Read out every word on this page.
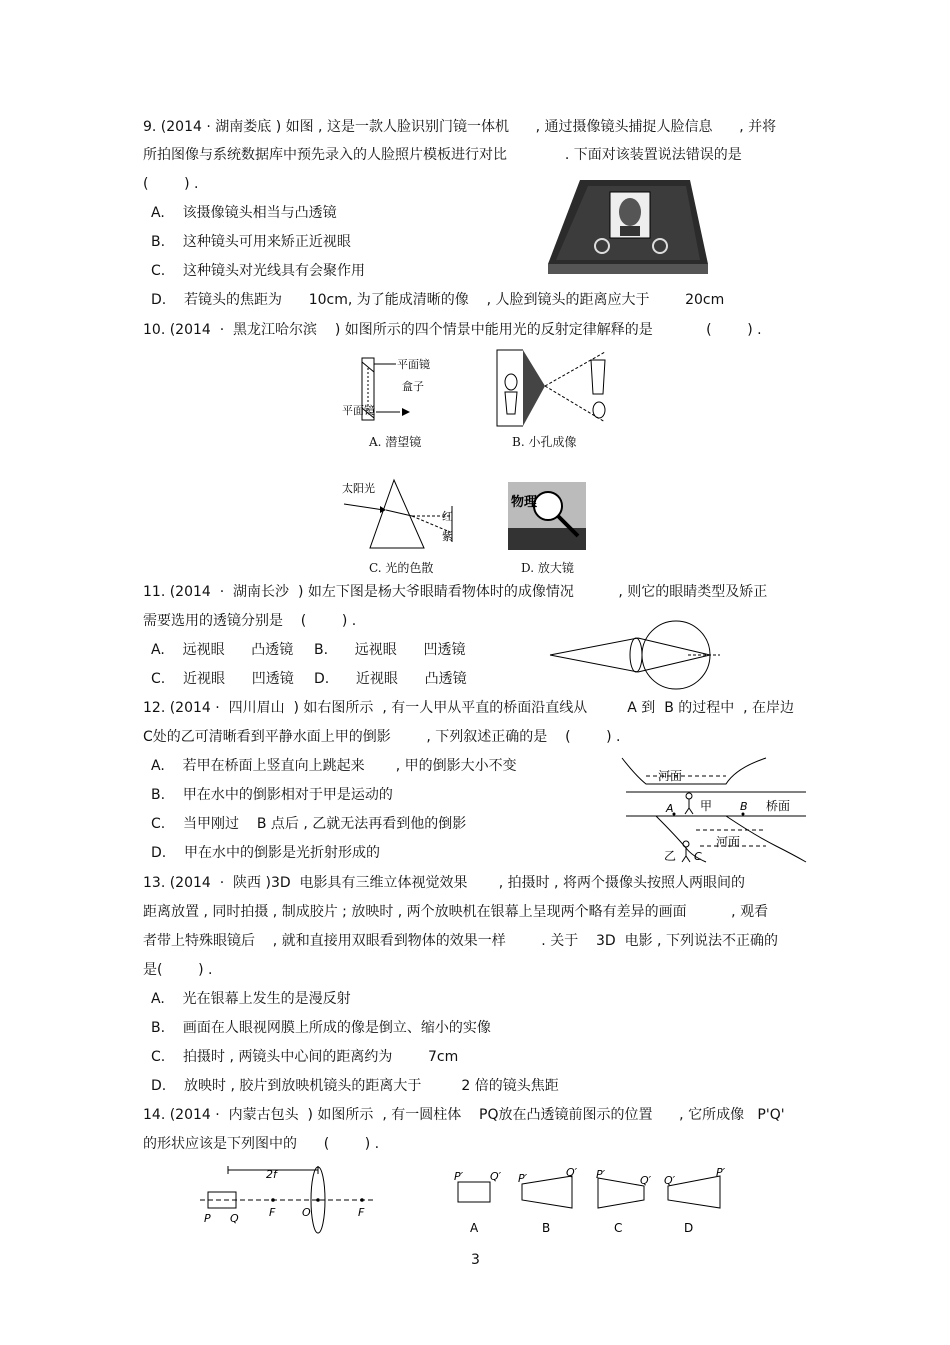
9. (2014 · 湖南娄底 ) 如图 , 这是一款人脸识别门镜一体机      , 通过摄像镜头捕捉人脸信息      , 并将
所拍图像与系统数据库中预先录入的人脸照片模板进行对比             . 下面对该装置说法错误的是
(        ) .
A.    该摄像镜头相当与凸透镜
B.    这种镜头可用来矫正近视眼
C.    这种镜头对光线具有会聚作用
D.    若镜头的焦距为      10cm, 为了能成清晰的像    , 人脸到镜头的距离应大于        20cm
10. (2014  ·  黑龙江哈尔滨    ) 如图所示的四个情景中能用光的反射定律解释的是            (        ) .
平面镜
盒子
平面镜
A. 潜望镜	B. 小孔成像
太阳光
红
紫
C. 光的色散
物理
D. 放大镜
11. (2014  ·  湖南长沙  ) 如左下图是杨大爷眼睛看物体时的成像情况          , 则它的眼睛类型及矫正
需要选用的透镜分别是    (        ) .
A.    远视眼      凸透镜 B.      远视眼      凹透镜
C.    近视眼      凹透镜 D.      近视眼      凸透镜
12. (2014 ·  四川眉山  ) 如右图所示  , 有一人甲从平直的桥面沿直线从         A 到  B 的过程中  , 在岸边
C处的乙可清晰看到平静水面上甲的倒影        , 下列叙述正确的是    (        ) .
A.    若甲在桥面上竖直向上跳起来       , 甲的倒影大小不变
B.    甲在水中的倒影相对于甲是运动的
C.    当甲刚过    B 点后 , 乙就无法再看到他的倒影
D.    甲在水中的倒影是光折射形成的
河面
桥面
甲
A	B
河面
乙 C
13. (2014  ·  陕西 )3D  电影具有三维立体视觉效果       , 拍摄时 , 将两个摄像头按照人两眼间的
距离放置 , 同时拍摄 , 制成胶片 ; 放映时 , 两个放映机在银幕上呈现两个略有差异的画面          , 观看
者带上特殊眼镜后    , 就和直接用双眼看到物体的效果一样        . 关于    3D  电影 , 下列说法不正确的
是(        ) .
A.    光在银幕上发生的是漫反射
B.    画面在人眼视网膜上所成的像是倒立、缩小的实像
C.    拍摄时 , 两镜头中心间的距离约为        7cm
D.    放映时 , 胶片到放映机镜头的距离大于         2 倍的镜头焦距
14. (2014 ·  内蒙古包头  ) 如图所示  , 有一圆柱体    PQ放在凸透镜前图示的位置      , 它所成像   P'Q'
的形状应该是下列图中的      (        ) .
2f
P Q	F O	F
P′ Q′
A
P′	Q′
B
P′	Q′
C
Q′
P′
D
3
